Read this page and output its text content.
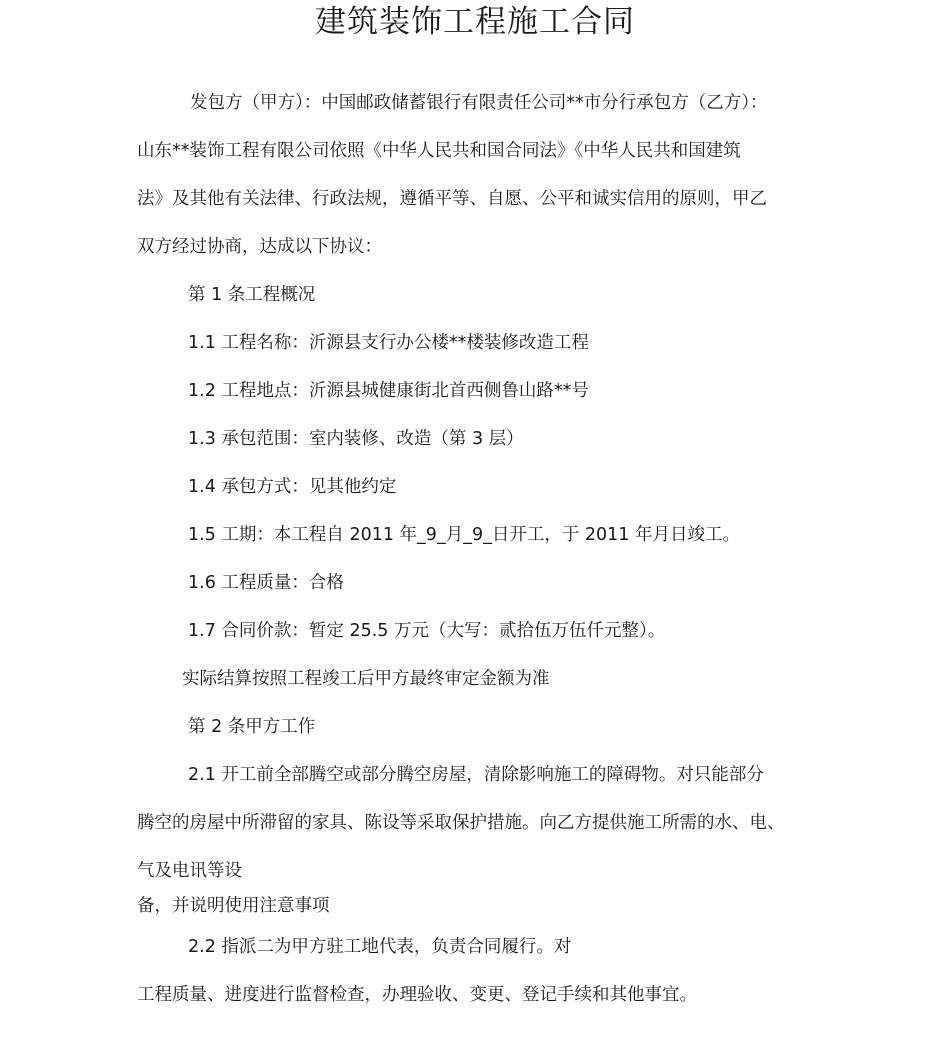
建筑装饰工程施工合同
发包方（甲方）：中国邮政储蓄银行有限责任公司**市分行承包方（乙方）：
山东**装饰工程有限公司依照《中华人民共和国合同法》《中华人民共和国建筑
法》及其他有关法律、行政法规，遵循平等、自愿、公平和诚实信用的原则，甲乙
双方经过协商，达成以下协议：
第 1 条工程概况
1.1 工程名称：沂源县支行办公楼**楼装修改造工程
1.2 工程地点：沂源县城健康街北首西侧鲁山路**号
1.3 承包范围：室内装修、改造（第 3 层）
1.4 承包方式：见其他约定
1.5 工期：本工程自 2011 年_9_月_9_日开工，于 2011 年月日竣工。
1.6 工程质量：合格
1.7 合同价款：暂定 25.5 万元（大写：贰拾伍万伍仟元整）。
实际结算按照工程竣工后甲方最终审定金额为准
第 2 条甲方工作
2.1 开工前全部腾空或部分腾空房屋，清除影响施工的障碍物。对只能部分
腾空的房屋中所滞留的家具、陈设等采取保护措施。向乙方提供施工所需的水、电、
气及电讯等设
备，并说明使用注意事项
2.2 指派二为甲方驻工地代表，负责合同履行。对
工程质量、进度进行监督检查，办理验收、变更、登记手续和其他事宜。
